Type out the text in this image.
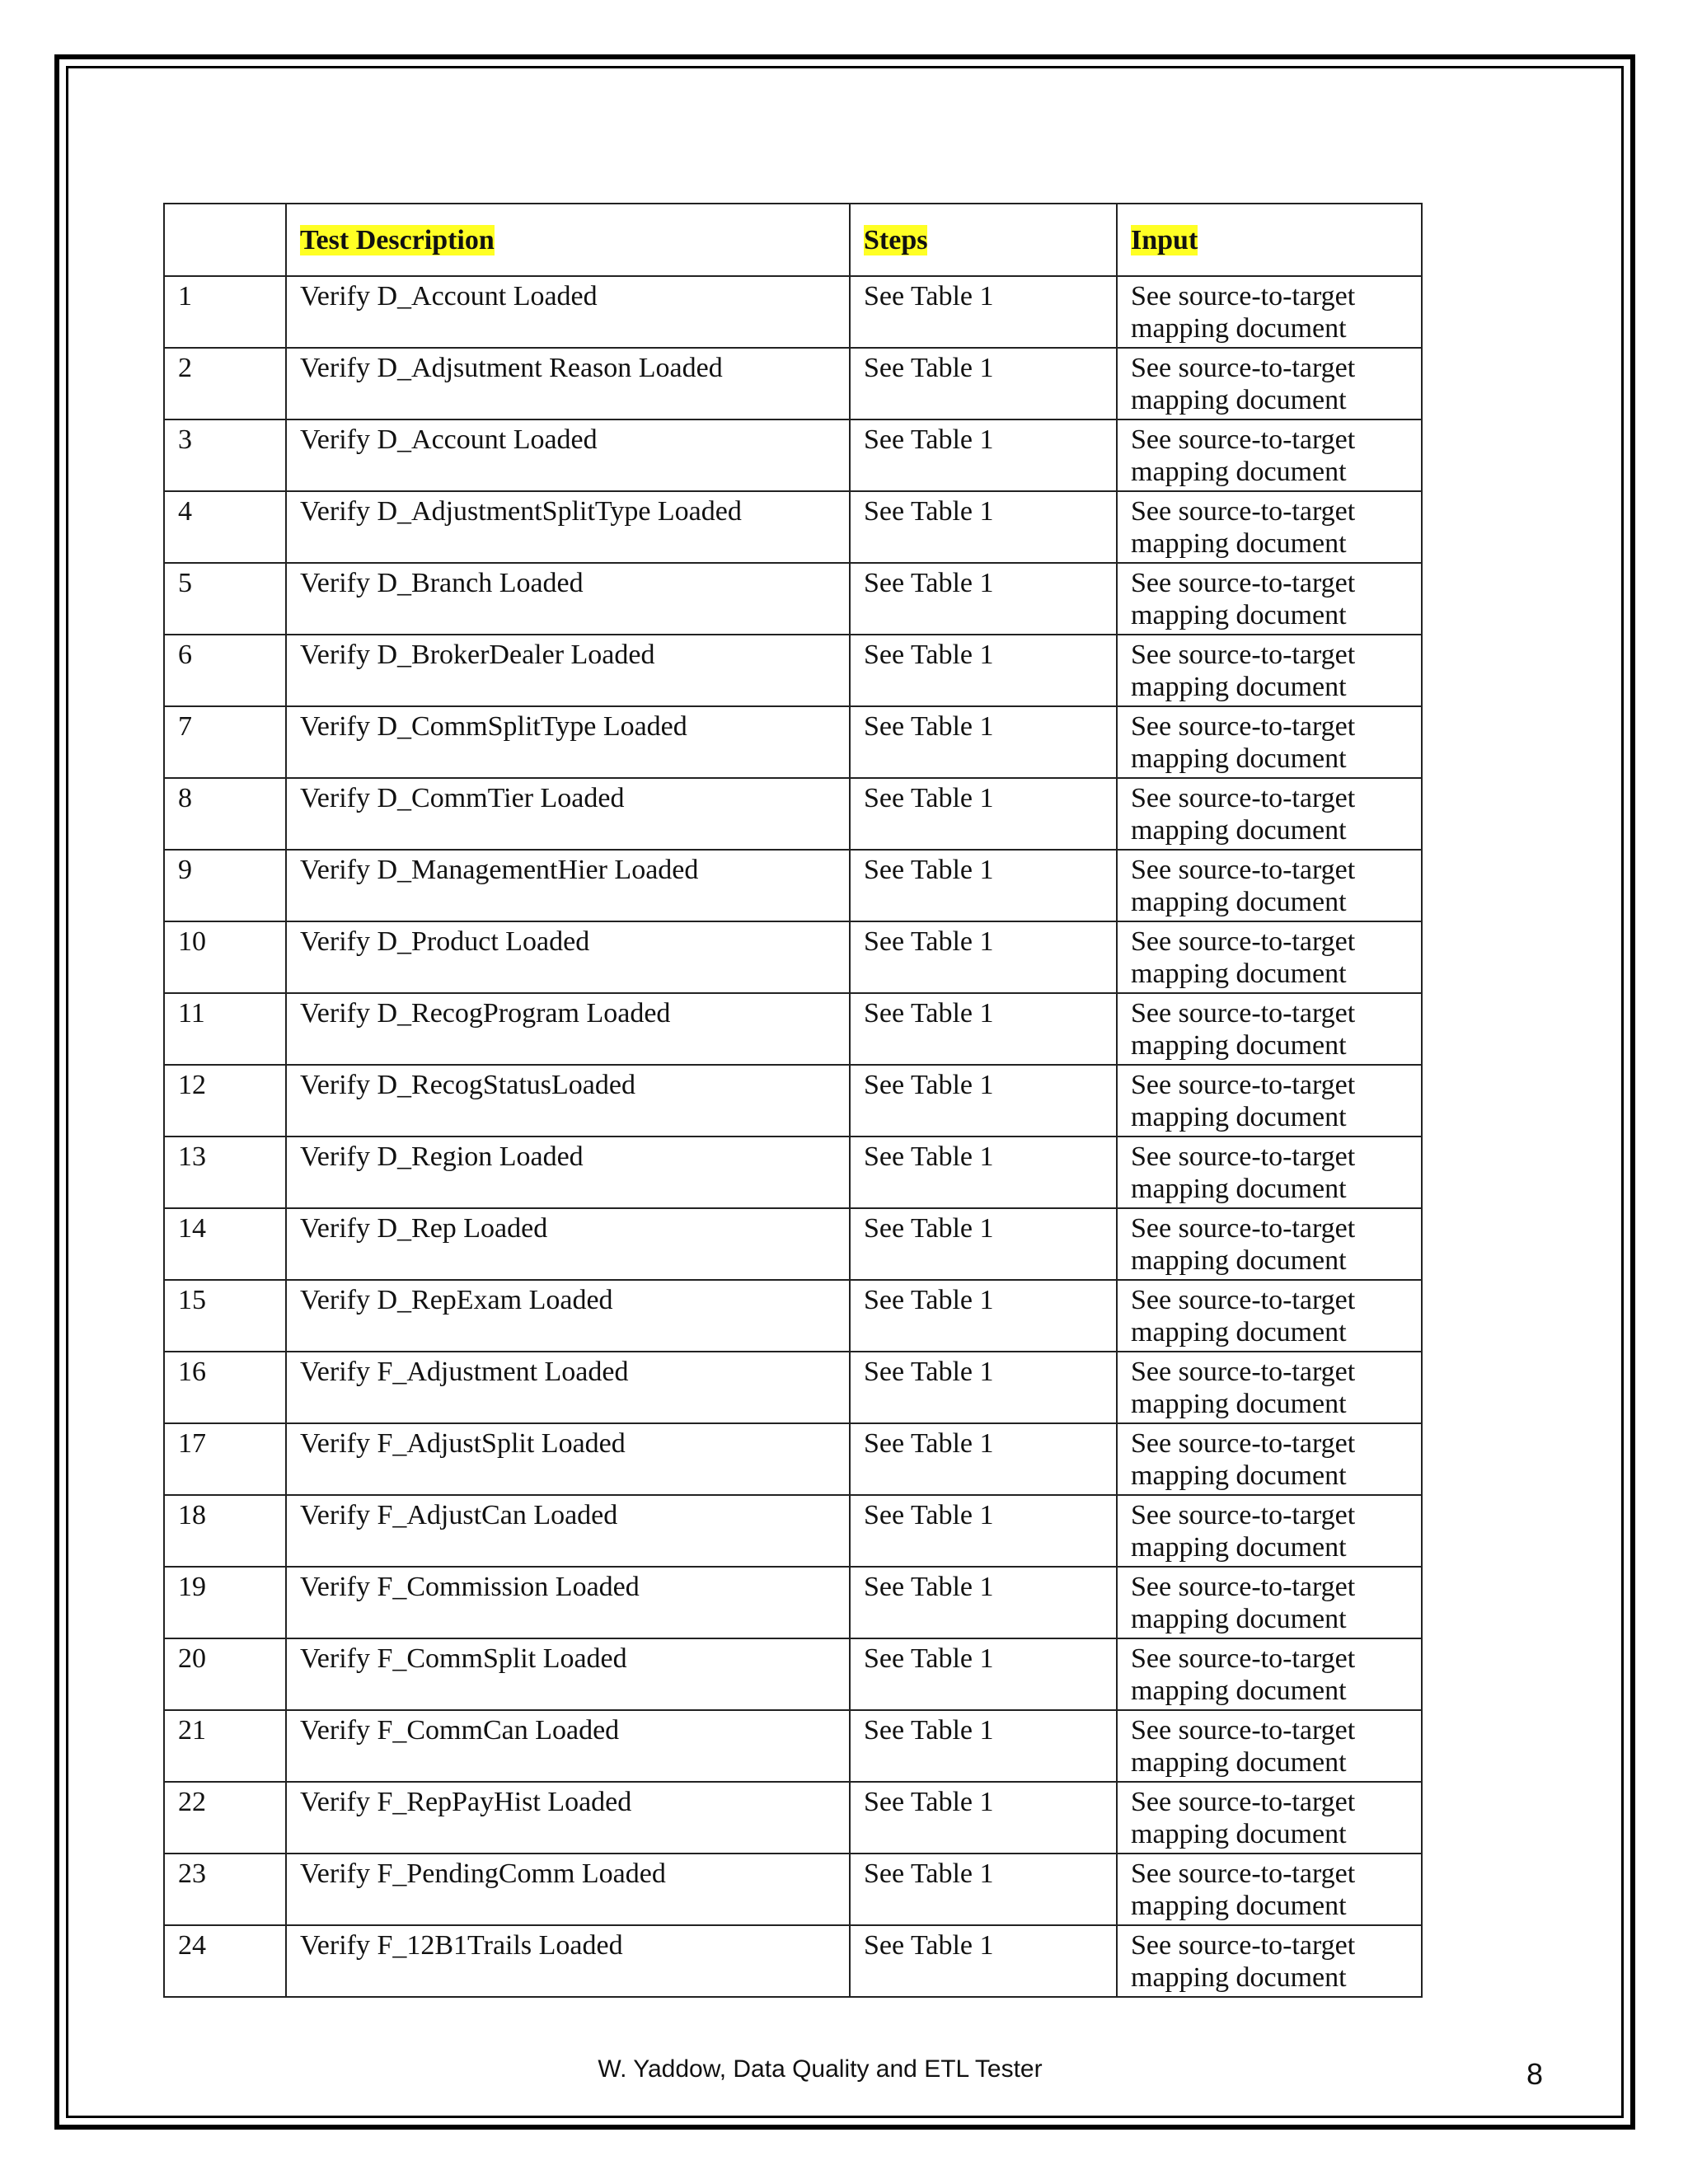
	Test Description	Steps	Input
1	Verify D_Account Loaded	See Table 1	See source-to-target mapping document
2	Verify D_Adjsutment Reason Loaded	See Table 1	See source-to-target mapping document
3	Verify D_Account Loaded	See Table 1	See source-to-target mapping document
4	Verify D_AdjustmentSplitType Loaded	See Table 1	See source-to-target mapping document
5	Verify D_Branch Loaded	See Table 1	See source-to-target mapping document
6	Verify D_BrokerDealer Loaded	See Table 1	See source-to-target mapping document
7	Verify D_CommSplitType Loaded	See Table 1	See source-to-target mapping document
8	Verify D_CommTier Loaded	See Table 1	See source-to-target mapping document
9	Verify D_ManagementHier Loaded	See Table 1	See source-to-target mapping document
10	Verify D_Product Loaded	See Table 1	See source-to-target mapping document
11	Verify D_RecogProgram Loaded	See Table 1	See source-to-target mapping document
12	Verify D_RecogStatusLoaded	See Table 1	See source-to-target mapping document
13	Verify D_Region Loaded	See Table 1	See source-to-target mapping document
14	Verify D_Rep Loaded	See Table 1	See source-to-target mapping document
15	Verify D_RepExam Loaded	See Table 1	See source-to-target mapping document
16	Verify F_Adjustment Loaded	See Table 1	See source-to-target mapping document
17	Verify F_AdjustSplit Loaded	See Table 1	See source-to-target mapping document
18	Verify F_AdjustCan Loaded	See Table 1	See source-to-target mapping document
19	Verify F_Commission Loaded	See Table 1	See source-to-target mapping document
20	Verify F_CommSplit Loaded	See Table 1	See source-to-target mapping document
21	Verify F_CommCan Loaded	See Table 1	See source-to-target mapping document
22	Verify F_RepPayHist Loaded	See Table 1	See source-to-target mapping document
23	Verify F_PendingComm Loaded	See Table 1	See source-to-target mapping document
24	Verify F_12B1Trails Loaded	See Table 1	See source-to-target mapping document
W. Yaddow, Data Quality and ETL Tester	8
